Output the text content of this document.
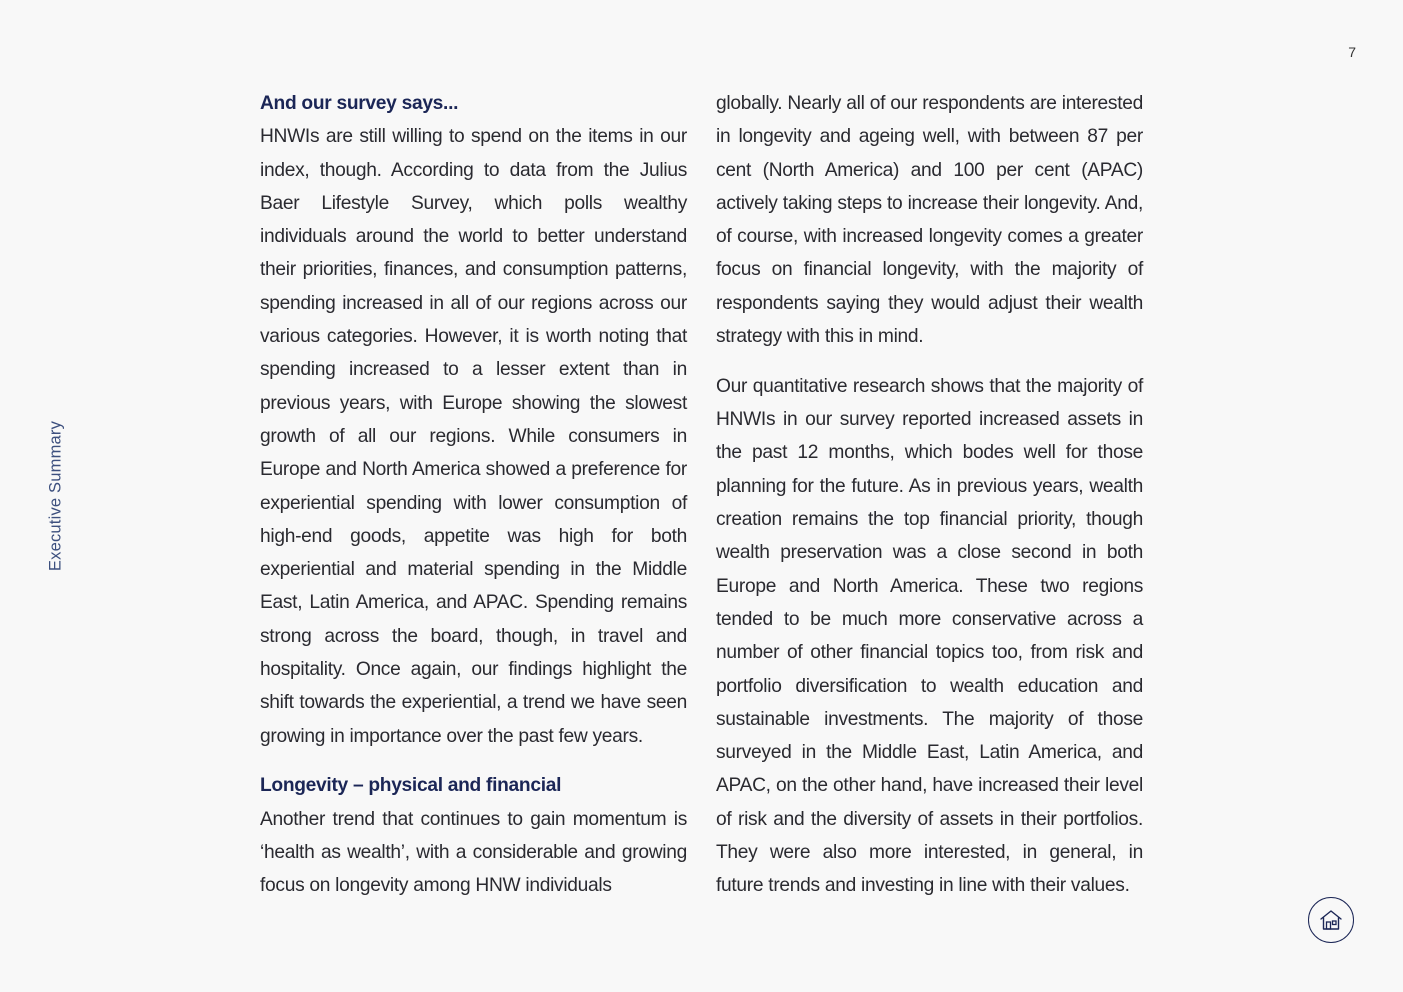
7
Executive Summary
And our survey says...

HNWIs are still willing to spend on the items in our index, though. According to data from the Julius Baer Lifestyle Survey, which polls wealthy individuals around the world to better understand their priorities, finances, and consumption patterns, spending increased in all of our regions across our various categories. However, it is worth noting that spending increased to a lesser extent than in previous years, with Europe showing the slowest growth of all our regions. While consumers in Europe and North America showed a preference for experiential spending with lower consumption of high-end goods, appetite was high for both experiential and material spending in the Middle East, Latin America, and APAC. Spending remains strong across the board, though, in travel and hospitality. Once again, our findings highlight the shift towards the experiential, a trend we have seen growing in importance over the past few years.

Longevity – physical and financial

Another trend that continues to gain momentum is ‘health as wealth’, with a considerable and growing focus on longevity among HNW individuals

globally. Nearly all of our respondents are interested in longevity and ageing well, with between 87 per cent (North America) and 100 per cent (APAC) actively taking steps to increase their longevity. And, of course, with increased longevity comes a greater focus on financial longevity, with the majority of respondents saying they would adjust their wealth strategy with this in mind.

Our quantitative research shows that the majority of HNWIs in our survey reported increased assets in the past 12 months, which bodes well for those planning for the future. As in previous years, wealth creation remains the top financial priority, though wealth preservation was a close second in both Europe and North America. These two regions tended to be much more conservative across a number of other financial topics too, from risk and portfolio diversification to wealth education and sustainable investments. The majority of those surveyed in the Middle East, Latin America, and APAC, on the other hand, have increased their level of risk and the diversity of assets in their portfolios. They were also more interested, in general, in future trends and investing in line with their values.
